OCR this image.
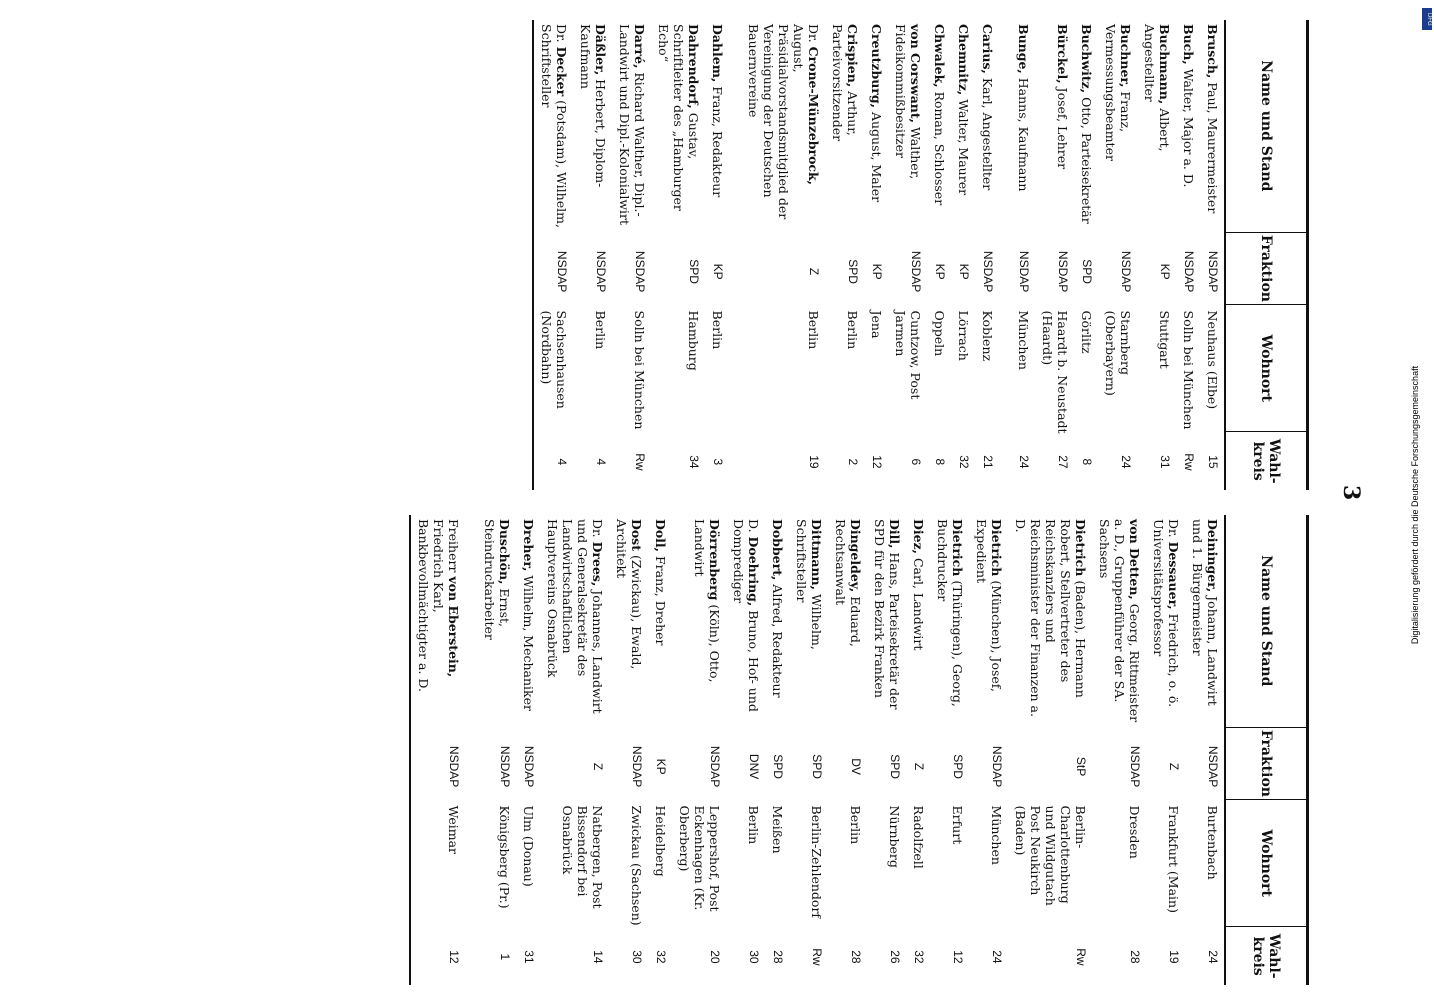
3
Name und Stand
Fraktion
Wohnort
Wahl-kreis
Brusch, Paul, Maurermeister
NSDAP
Neuhaus (Elbe)
15
Buch, Walter, Major a. D.
NSDAP
Solln bei München
Rw
Buchmann, Albert, Angestellter
KP
Stuttgart
31
Buchner, Franz, Vermessungsbeamter
NSDAP
Starnberg (Oberbayern)
24
Buchwitz, Otto, Parteisekretär
SPD
Görlitz
8
Bürckel, Josef, Lehrer
NSDAP
Haardt b. Neustadt (Haardt)
27
Bunge, Hanns, Kaufmann
NSDAP
München
24
Carius, Karl, Angestellter
NSDAP
Koblenz
21
Chemnitz, Walter, Maurer
KP
Lörrach
32
Chwalek, Roman, Schlosser
KP
Oppeln
8
von Corswant, Walther, Fideikommißbesitzer
NSDAP
Cuntzow, Post Jarmen
6
Creutzburg, August, Maler
KP
Jena
12
Crispien, Arthur, Parteivorsitzender
SPD
Berlin
2
Dr. Crone-Münzebrock, August, Präsidialvorstandsmitglied der Vereinigung der Deutschen Bauernvereine
Z
Berlin
19
Dahlem, Franz, Redakteur
KP
Berlin
3
Dahrendorf, Gustav, Schriftleiter des „Hamburger Echo“
SPD
Hamburg
34
Darré, Richard Walther, Dipl.-Landwirt und Dipl.-Kolonialwirt
NSDAP
Solln bei München
Rw
Däßler, Herbert, Diplom-Kaufmann
NSDAP
Berlin
4
Dr. Decker (Potsdam), Wilhelm, Schriftsteller
NSDAP
Sachsenhausen (Nordbahn)
4
Name und Stand
Fraktion
Wohnort
Wahl-kreis
Deininger, Johann, Landwirt und 1. Bürgermeister
NSDAP
Burtenbach
24
Dr. Dessauer, Friedrich, o. ö. Universitätsprofessor
Z
Frankfurt (Main)
19
von Detten, Georg, Rittmeister a. D., Gruppenführer der SA. Sachsens
NSDAP
Dresden
28
Dietrich (Baden), Hermann Robert, Stellvertreter des Reichskanzlers und Reichsminister der Finanzen a. D.
StP
Berlin-Charlottenburg und Wildgutach Post Neukirch (Baden)
Rw
Dietrich (München), Josef, Expedient
NSDAP
München
24
Dietrich (Thüringen), Georg, Buchdrucker
SPD
Erfurt
12
Diez, Carl, Landwirt
Z
Radolfzell
32
Dill, Hans, Parteisekretär der SPD für den Bezirk Franken
SPD
Nürnberg
26
Dingeldey, Eduard, Rechtsanwalt
DV
Berlin
28
Dittmann, Wilhelm, Schriftsteller
SPD
Berlin-Zehlendorf
Rw
Dobbert, Alfred, Redakteur
SPD
Meißen
28
D. Doehring, Bruno, Hof- und Domprediger
DNV
Berlin
30
Dörrenberg (Köln), Otto, Landwirt
NSDAP
Leppershof, Post Eckenhagen (Kr. Oberberg)
20
Doll, Franz, Dreher
KP
Heidelberg
32
Dost (Zwickau), Ewald, Architekt
NSDAP
Zwickau (Sachsen)
30
Dr. Drees, Johannes, Landwirt und Generalsekretär des Landwirtschaftlichen Hauptvereins Osnabrück
Z
Natbergen, Post Bissendorf bei Osnabrück
14
Dreher, Wilhelm, Mechaniker
NSDAP
Ulm (Donau)
31
Duschön, Ernst, Steindruckarbeiter
NSDAP
Königsberg (Pr.)
1
Freiherr von Eberstein, Friedrich Karl, Bankbevollmächtigter a. D.
NSDAP
Weimar
12
Digitalisierung gefördert durch die Deutsche Forschungsgemeinschaft
DFG
